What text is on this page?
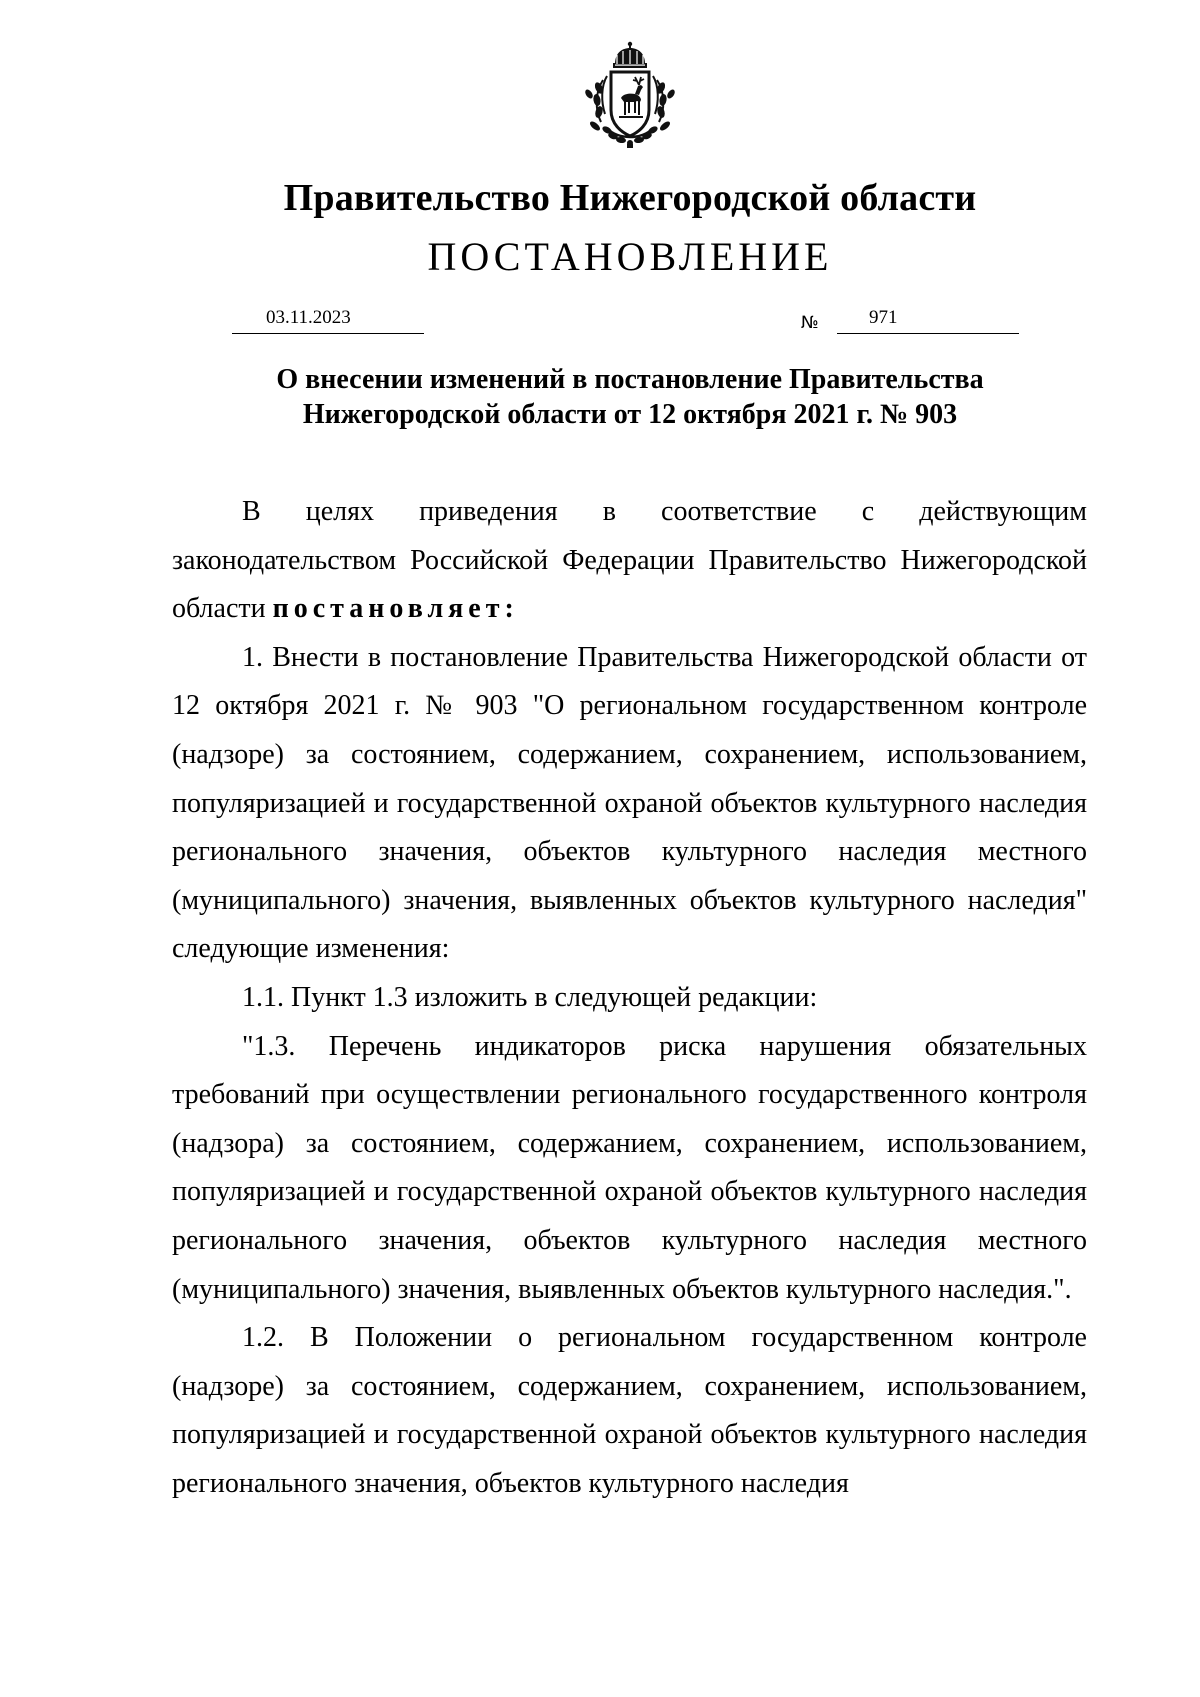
Правительство Нижегородской области
ПОСТАНОВЛЕНИЕ
03.11.2023	№	971
О внесении изменений в постановление Правительства
Нижегородской области от 12 октября 2021 г. № 903

В целях приведения в соответствие с действующим законодательством Российской Федерации Правительство Нижегородской области постановляет:

1. Внести в постановление Правительства Нижегородской области от 12 октября 2021 г. № 903 "О региональном государственном контроле (надзоре) за состоянием, содержанием, сохранением, использованием, популяризацией и государственной охраной объектов культурного наследия регионального значения, объектов культурного наследия местного (муниципального) значения, выявленных объектов культурного наследия" следующие изменения:

1.1. Пункт 1.3 изложить в следующей редакции:

"1.3. Перечень индикаторов риска нарушения обязательных требований при осуществлении регионального государственного контроля (надзора) за состоянием, содержанием, сохранением, использованием, популяризацией и государственной охраной объектов культурного наследия регионального значения, объектов культурного наследия местного (муниципального) значения, выявленных объектов культурного наследия.".

1.2. В Положении о региональном государственном контроле (надзоре) за состоянием, содержанием, сохранением, использованием, популяризацией и государственной охраной объектов культурного наследия регионального значения, объектов культурного наследия
